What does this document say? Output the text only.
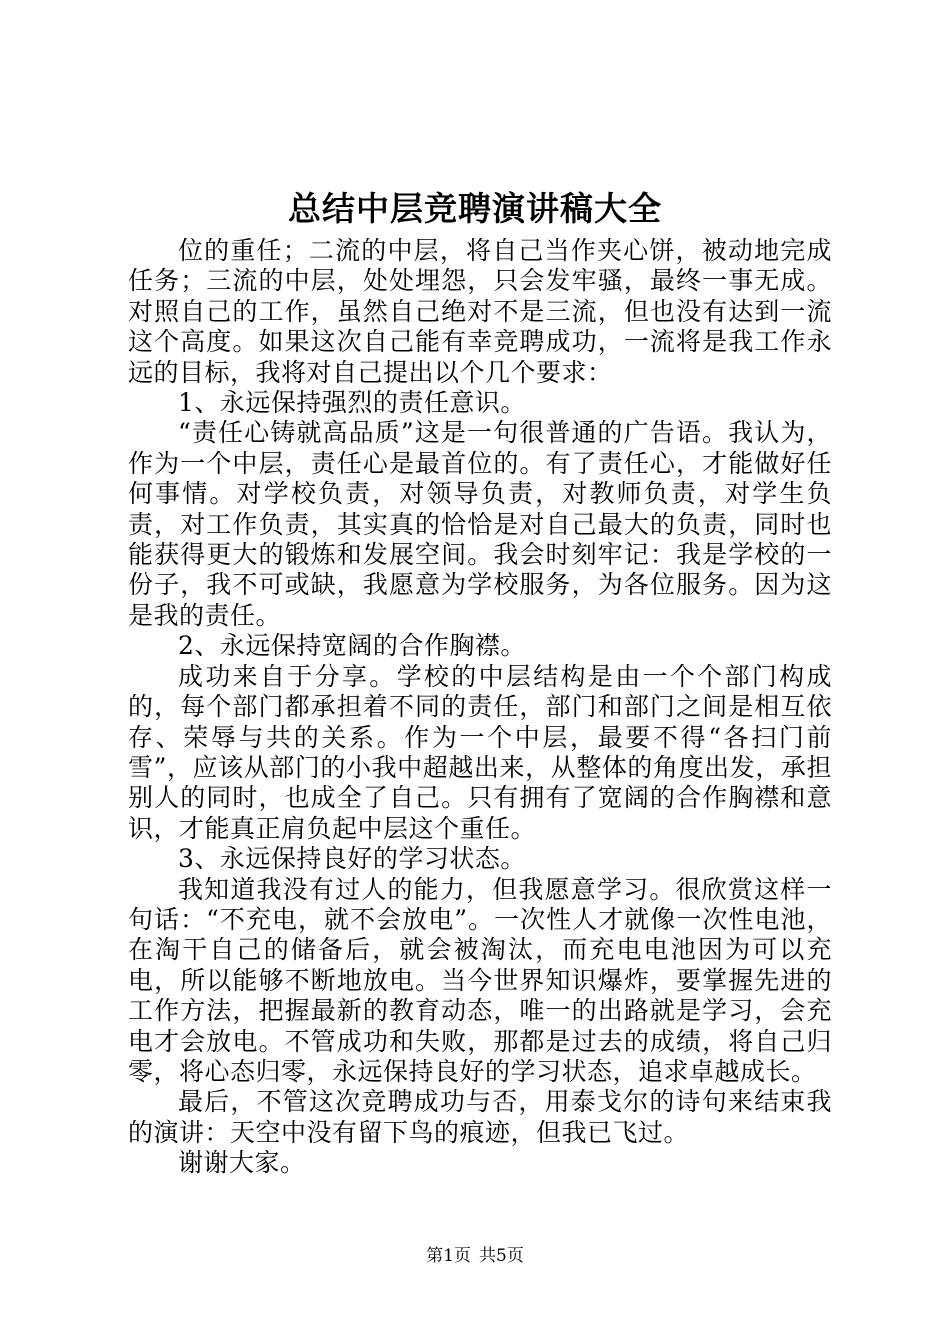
总结中层竞聘演讲稿大全

位的重任；二流的中层，将自己当作夹心饼，被动地完成任务；三流的中层，处处埋怨，只会发牢骚，最终一事无成。对照自己的工作，虽然自己绝对不是三流，但也没有达到一流这个高度。如果这次自己能有幸竞聘成功，一流将是我工作永远的目标，我将对自己提出以个几个要求：

1、永远保持强烈的责任意识。

“责任心铸就高品质”这是一句很普通的广告语。我认为，作为一个中层，责任心是最首位的。有了责任心，才能做好任何事情。对学校负责，对领导负责，对教师负责，对学生负责，对工作负责，其实真的恰恰是对自己最大的负责，同时也能获得更大的锻炼和发展空间。我会时刻牢记：我是学校的一份子，我不可或缺，我愿意为学校服务，为各位服务。因为这是我的责任。

2、永远保持宽阔的合作胸襟。

成功来自于分享。学校的中层结构是由一个个部门构成的，每个部门都承担着不同的责任，部门和部门之间是相互依存、荣辱与共的关系。作为一个中层，最要不得“各扫门前雪”，应该从部门的小我中超越出来，从整体的角度出发，承担别人的同时，也成全了自己。只有拥有了宽阔的合作胸襟和意识，才能真正肩负起中层这个重任。

3、永远保持良好的学习状态。

我知道我没有过人的能力，但我愿意学习。很欣赏这样一句话：“不充电，就不会放电”。一次性人才就像一次性电池，在淘干自己的储备后，就会被淘汰，而充电电池因为可以充电，所以能够不断地放电。当今世界知识爆炸，要掌握先进的工作方法，把握最新的教育动态，唯一的出路就是学习，会充电才会放电。不管成功和失败，那都是过去的成绩，将自己归零，将心态归零，永远保持良好的学习状态，追求卓越成长。

最后，不管这次竞聘成功与否，用泰戈尔的诗句来结束我的演讲：天空中没有留下鸟的痕迹，但我已飞过。

谢谢大家。

第1页 共5页
